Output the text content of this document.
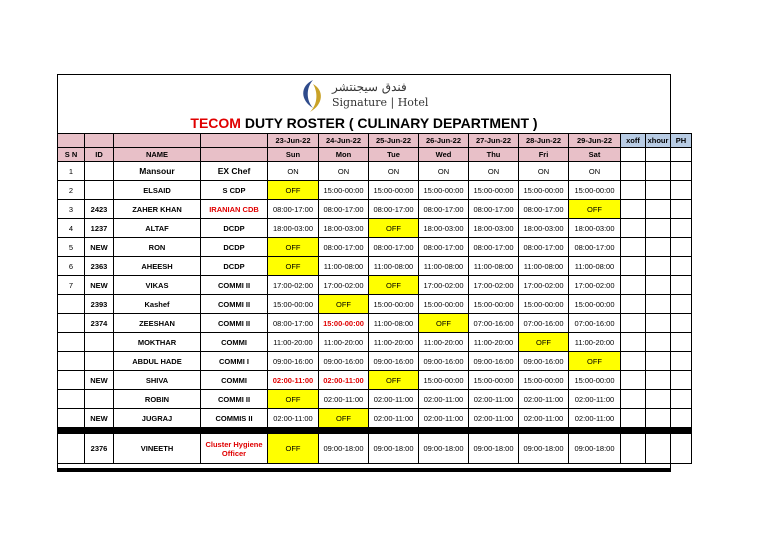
فندق سيجنتشر
Signature | Hotel
TECOM DUTY ROSTER ( CULINARY DEPARTMENT )
				23-Jun-22	24-Jun-22	25-Jun-22	26-Jun-22	27-Jun-22	28-Jun-22	29-Jun-22	xoff	xhour	PH
S N	ID	NAME		Sun	Mon	Tue	Wed	Thu	Fri	Sat			
1		Mansour	EX Chef	ON	ON	ON	ON	ON	ON	ON			
2		ELSAID	S CDP	OFF	15:00-00:00	15:00-00:00	15:00-00:00	15:00-00:00	15:00-00:00	15:00-00:00			
3	2423	ZAHER KHAN	IRANIAN CDB	08:00-17:00	08:00-17:00	08:00-17:00	08:00-17:00	08:00-17:00	08:00-17:00	OFF			
4	1237	ALTAF	DCDP	18:00-03:00	18:00-03:00	OFF	18:00-03:00	18:00-03:00	18:00-03:00	18:00-03:00			
5	NEW	RON	DCDP	OFF	08:00-17:00	08:00-17:00	08:00-17:00	08:00-17:00	08:00-17:00	08:00-17:00			
6	2363	AHEESH	DCDP	OFF	11:00-08:00	11:00-08:00	11:00-08:00	11:00-08:00	11:00-08:00	11:00-08:00			
7	NEW	VIKAS	COMMI II	17:00-02:00	17:00-02:00	OFF	17:00-02:00	17:00-02:00	17:00-02:00	17:00-02:00			
	2393	Kashef	COMMI II	15:00-00:00	OFF	15:00-00:00	15:00-00:00	15:00-00:00	15:00-00:00	15:00-00:00			
	2374	ZEESHAN	COMMI II	08:00-17:00	15:00-00:00	11:00-08:00	OFF	07:00-16:00	07:00-16:00	07:00-16:00			
		MOKTHAR	COMMI	11:00-20:00	11:00-20:00	11:00-20:00	11:00-20:00	11:00-20:00	OFF	11:00-20:00			
		ABDUL HADE	COMMI I	09:00-16:00	09:00-16:00	09:00-16:00	09:00-16:00	09:00-16:00	09:00-16:00	OFF			
	NEW	SHIVA	COMMI	02:00-11:00	02:00-11:00	OFF	15:00-00:00	15:00-00:00	15:00-00:00	15:00-00:00			
		ROBIN	COMMI II	OFF	02:00-11:00	02:00-11:00	02:00-11:00	02:00-11:00	02:00-11:00	02:00-11:00			
	NEW	JUGRAJ	COMMIS II	02:00-11:00	OFF	02:00-11:00	02:00-11:00	02:00-11:00	02:00-11:00	02:00-11:00			

	2376	VINEETH	Cluster Hygiene Officer	OFF	09:00-18:00	09:00-18:00	09:00-18:00	09:00-18:00	09:00-18:00	09:00-18:00			
